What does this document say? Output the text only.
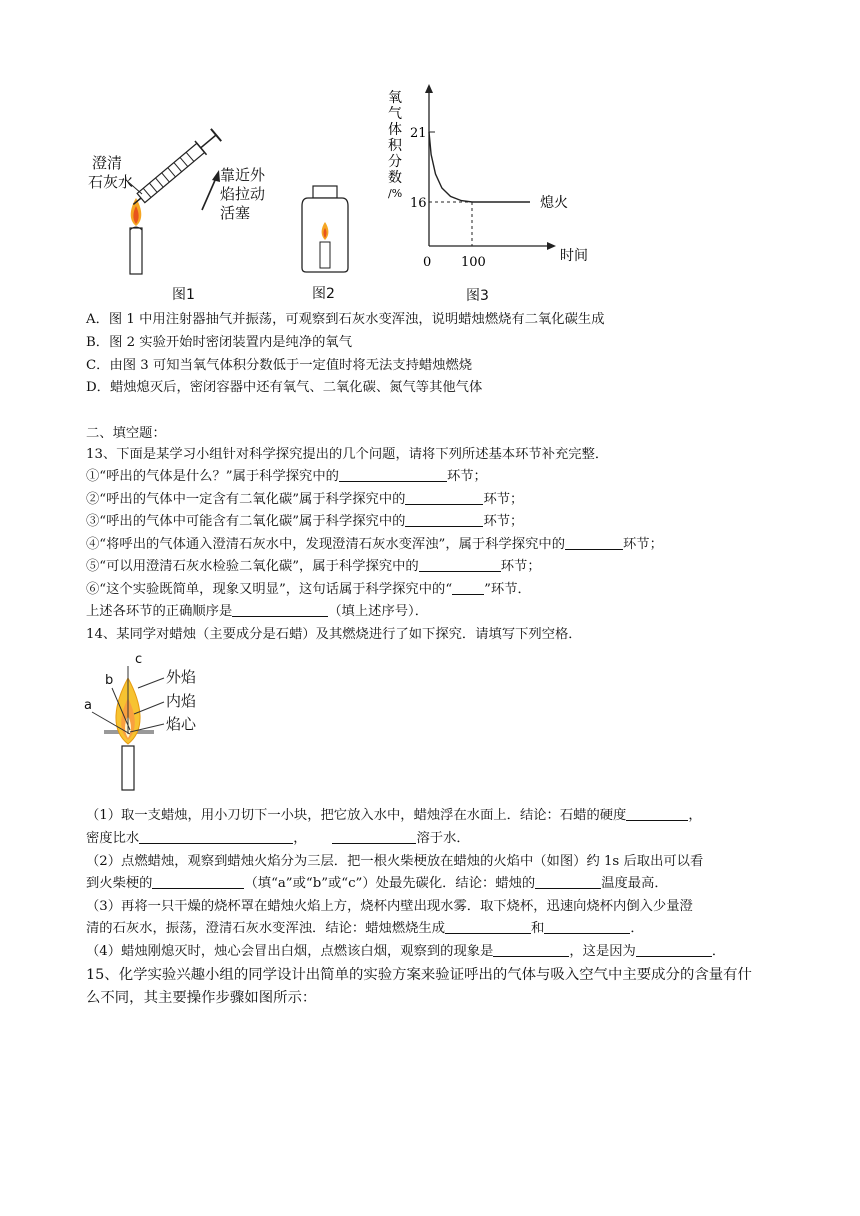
澄清
石灰水	靠近外
焰拉动
活塞
图1	图2
氧
气
体
积
分
数
/%
21
16
0 100	时间
熄火
图3
A．图 1 中用注射器抽气并振荡，可观察到石灰水变浑浊，说明蜡烛燃烧有二氧化碳生成
B．图 2 实验开始时密闭装置内是纯净的氧气
C．由图 3 可知当氧气体积分数低于一定值时将无法支持蜡烛燃烧
D．蜡烛熄灭后，密闭容器中还有氧气、二氧化碳、氮气等其他气体
二、填空题：
13、下面是某学习小组针对科学探究提出的几个问题，请将下列所述基本环节补充完整．
①“呼出的气体是什么？”属于科学探究中的	环节；
②“呼出的气体中一定含有二氧化碳”属于科学探究中的	环节；
③“呼出的气体中可能含有二氧化碳”属于科学探究中的	环节；
④“将呼出的气体通入澄清石灰水中，发现澄清石灰水变浑浊”，属于科学探究中的	环节；
⑤“可以用澄清石灰水检验二氧化碳”，属于科学探究中的	环节；
⑥“这个实验既简单，现象又明显”，这句话属于科学探究中的“ ”环节．
上述各环节的正确顺序是	（填上述序号）．
14、某同学对蜡烛（主要成分是石蜡）及其燃烧进行了如下探究．请填写下列空格．
c
b
a
外焰
内焰
焰心
（1）取一支蜡烛，用小刀切下一小块，把它放入水中，蜡烛浮在水面上．结论：石蜡的硬度	，
密度比水	，	溶于水．
（2）点燃蜡烛，观察到蜡烛火焰分为三层．把一根火柴梗放在蜡烛的火焰中（如图）约 1s 后取出可以看
到火柴梗的	（填“a”或“b”或“c”）处最先碳化．结论：蜡烛的	温度最高．
（3）再将一只干燥的烧杯罩在蜡烛火焰上方，烧杯内壁出现水雾．取下烧杯，迅速向烧杯内倒入少量澄
清的石灰水，振荡，澄清石灰水变浑浊．结论：蜡烛燃烧生成	和	．
（4）蜡烛刚熄灭时，烛心会冒出白烟，点燃该白烟，观察到的现象是	，这是因为	．
15、化学实验兴趣小组的同学设计出简单的实验方案来验证呼出的气体与吸入空气中主要成分的含量有什
么不同，其主要操作步骤如图所示：
